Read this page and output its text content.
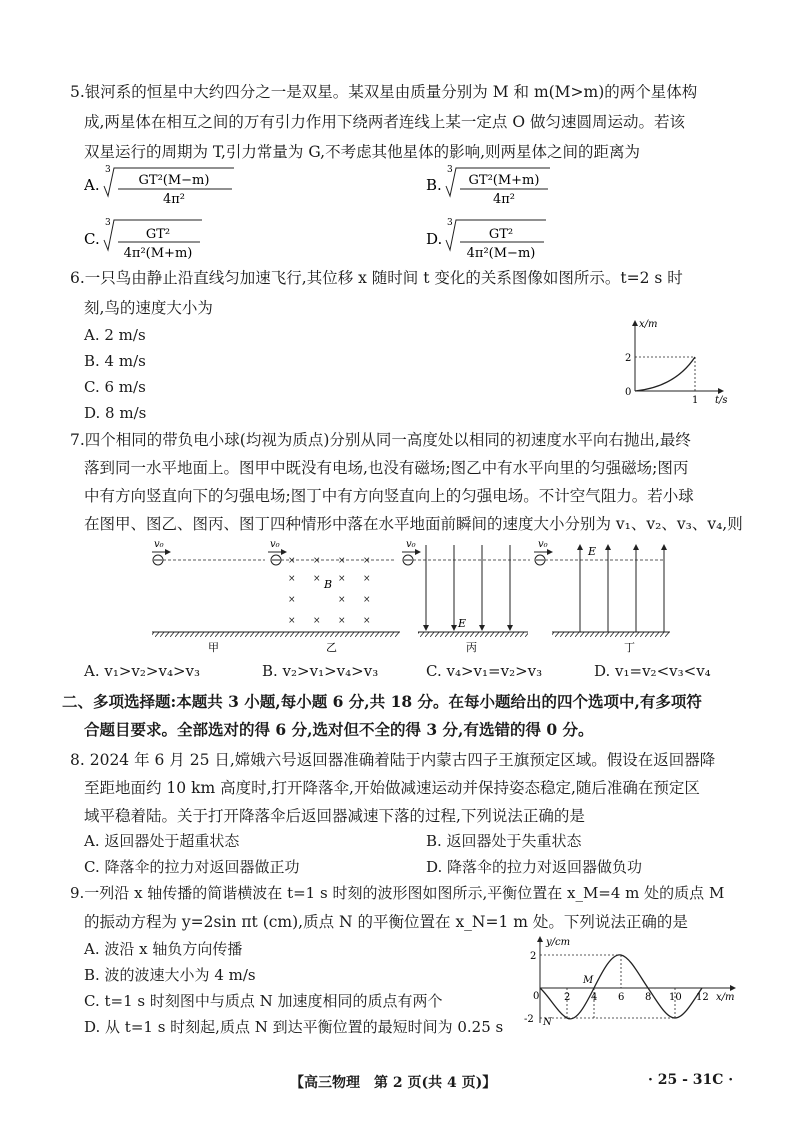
5.银河系的恒星中大约四分之一是双星。某双星由质量分别为 M 和 m(M>m)的两个星体构
成,两星体在相互之间的万有引力作用下绕两者连线上某一定点 O 做匀速圆周运动。若该
双星运行的周期为 T,引力常量为 G,不考虑其他星体的影响,则两星体之间的距离为
A.
3
GT²(M−m)
4π²
B.
3
GT²(M+m)
4π²
C.
3
GT²
4π²(M+m)
D.
3
GT²
4π²(M−m)
6.一只鸟由静止沿直线匀加速飞行,其位移 x 随时间 t 变化的关系图像如图所示。t=2 s 时
刻,鸟的速度大小为
A. 2 m/s
B. 4 m/s
C. 6 m/s
D. 8 m/s
x/m
2
0
1 t/s
7.四个相同的带负电小球(均视为质点)分别从同一高度处以相同的初速度水平向右抛出,最终
落到同一水平地面上。图甲中既没有电场,也没有磁场;图乙中有水平向里的匀强磁场;图丙
中有方向竖直向下的匀强电场;图丁中有方向竖直向上的匀强电场。不计空气阻力。若小球
在图甲、图乙、图丙、图丁四种情形中落在水平地面前瞬间的速度大小分别为 v₁、v₂、v₃、v₄,则
v₀
甲
v₀
× × × ×
× × × ×
×	× ×
× × × ×
B
乙
v₀
E
丙
v₀
E
丁
A. v₁>v₂>v₄>v₃	B. v₂>v₁>v₄>v₃	C. v₄>v₁=v₂>v₃	D. v₁=v₂<v₃<v₄
二、多项选择题:本题共 3 小题,每小题 6 分,共 18 分。在每小题给出的四个选项中,有多项符
合题目要求。全部选对的得 6 分,选对但不全的得 3 分,有选错的得 0 分。
8. 2024 年 6 月 25 日,嫦娥六号返回器准确着陆于内蒙古四子王旗预定区域。假设在返回器降
至距地面约 10 km 高度时,打开降落伞,开始做减速运动并保持姿态稳定,随后准确在预定区
域平稳着陆。关于打开降落伞后返回器减速下落的过程,下列说法正确的是
A. 返回器处于超重状态	B. 返回器处于失重状态
C. 降落伞的拉力对返回器做正功	D. 降落伞的拉力对返回器做负功
9.一列沿 x 轴传播的简谐横波在 t=1 s 时刻的波形图如图所示,平衡位置在 x_M=4 m 处的质点 M
的振动方程为 y=2sin πt (cm),质点 N 的平衡位置在 x_N=1 m 处。下列说法正确的是
A. 波沿 x 轴负方向传播
B. 波的波速大小为 4 m/s
C. t=1 s 时刻图中与质点 N 加速度相同的质点有两个
D. 从 t=1 s 时刻起,质点 N 到达平衡位置的最短时间为 0.25 s
y/cm
2
-2
0 2 4 6 8 10 12 x/m
M
N
【高三物理　第 2 页(共 4 页)】	· 25 - 31C ·
